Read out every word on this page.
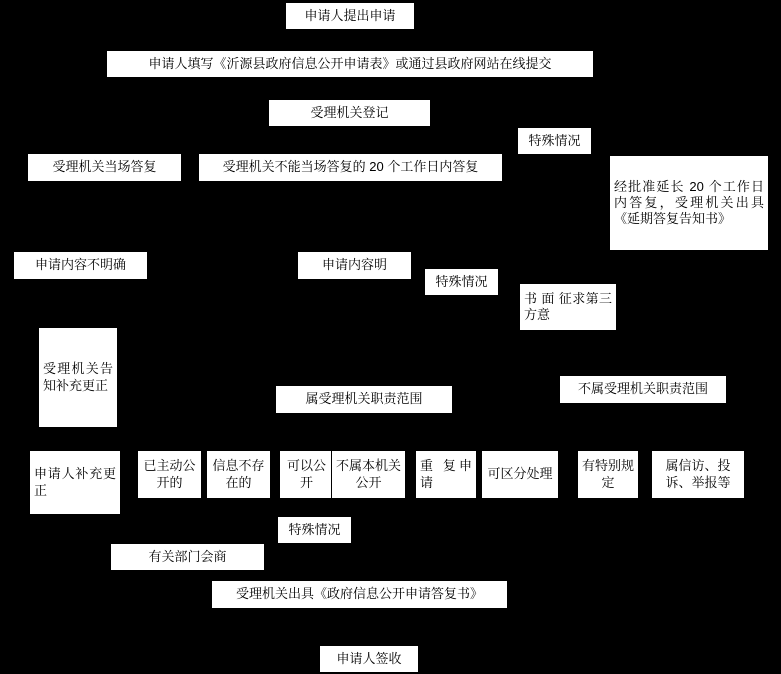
申请人提出申请
申请人填写《沂源县政府信息公开申请表》或通过县政府网站在线提交
受理机关登记
特殊情况
受理机关当场答复	受理机关不能当场答复的 20 个工作日内答复
经批准延长 20 个工作日内答复，受理机关出具《延期答复告知书》
申请内容不明确	申请内容明
特殊情况
书 面 征求第三方意
受理机关告知补充更正
属受理机关职责范围
不属受理机关职责范围
申请人补充更正
已主动公开的
信息不存在的
可以公开
不属本机关公开
重 复申请
可区分处理
有特别规定
属信访、投诉、举报等
特殊情况
有关部门会商
受理机关出具《政府信息公开申请答复书》
申请人签收
